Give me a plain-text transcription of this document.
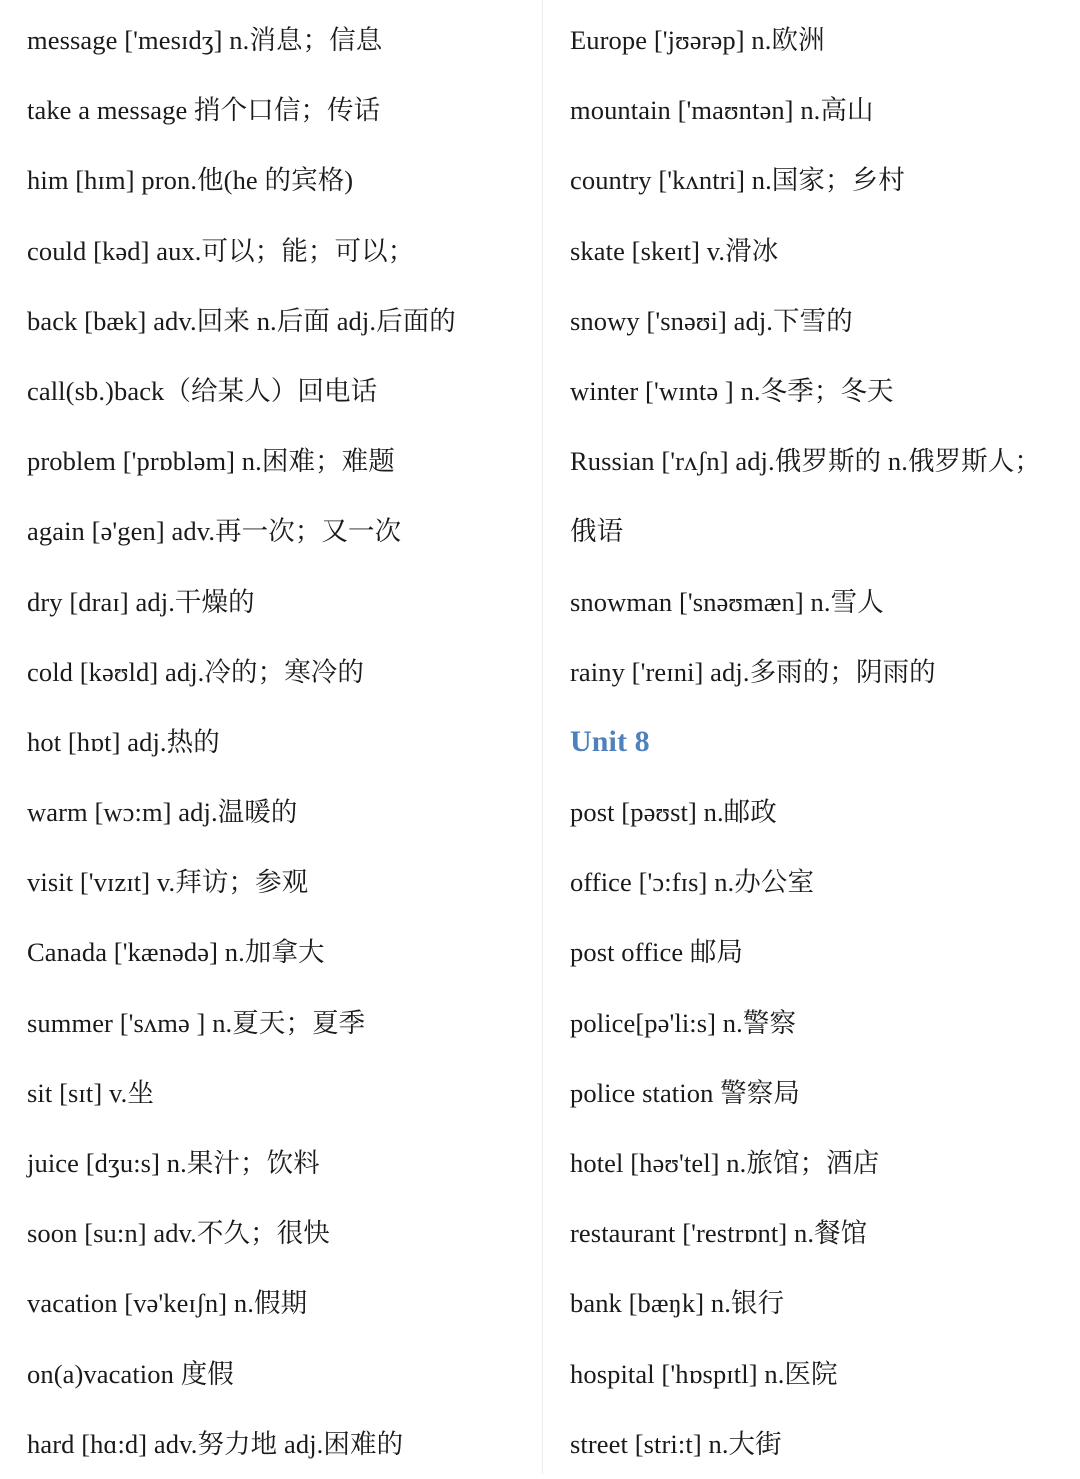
message ['mesɪdʒ] n.消息；信息
take a message 捎个口信；传话
him [hɪm] pron.他(he 的宾格)
could [kəd] aux.可以；能；可以；
back [bæk] adv.回来 n.后面 adj.后面的
call(sb.)back（给某人）回电话
problem ['prɒbləm] n.困难；难题
again [ə'gen] adv.再一次；又一次
dry [draɪ] adj.干燥的
cold [kəʊld] adj.冷的；寒冷的
hot [hɒt] adj.热的
warm [wɔ:m] adj.温暖的
visit ['vɪzɪt] v.拜访；参观
Canada ['kænədə] n.加拿大
summer ['sʌmə ] n.夏天；夏季
sit [sɪt] v.坐
juice [dʒu:s] n.果汁；饮料
soon [su:n] adv.不久；很快
vacation [və'keɪʃn] n.假期
on(a)vacation 度假
hard [hɑ:d] adv.努力地 adj.困难的
Europe ['jʊərəp] n.欧洲
mountain ['maʊntən] n.高山
country ['kʌntri] n.国家；乡村
skate [skeɪt] v.滑冰
snowy ['snəʊi] adj.下雪的
winter ['wɪntə ] n.冬季；冬天
Russian ['rʌʃn] adj.俄罗斯的 n.俄罗斯人；
俄语
snowman ['snəʊmæn] n.雪人
rainy ['reɪni] adj.多雨的；阴雨的
Unit 8
post [pəʊst] n.邮政
office ['ɔ:fɪs] n.办公室
post office 邮局
police[pə'li:s] n.警察
police station 警察局
hotel [həʊ'tel] n.旅馆；酒店
restaurant ['restrɒnt] n.餐馆
bank [bæŋk] n.银行
hospital ['hɒspɪtl] n.医院
street [stri:t] n.大街
